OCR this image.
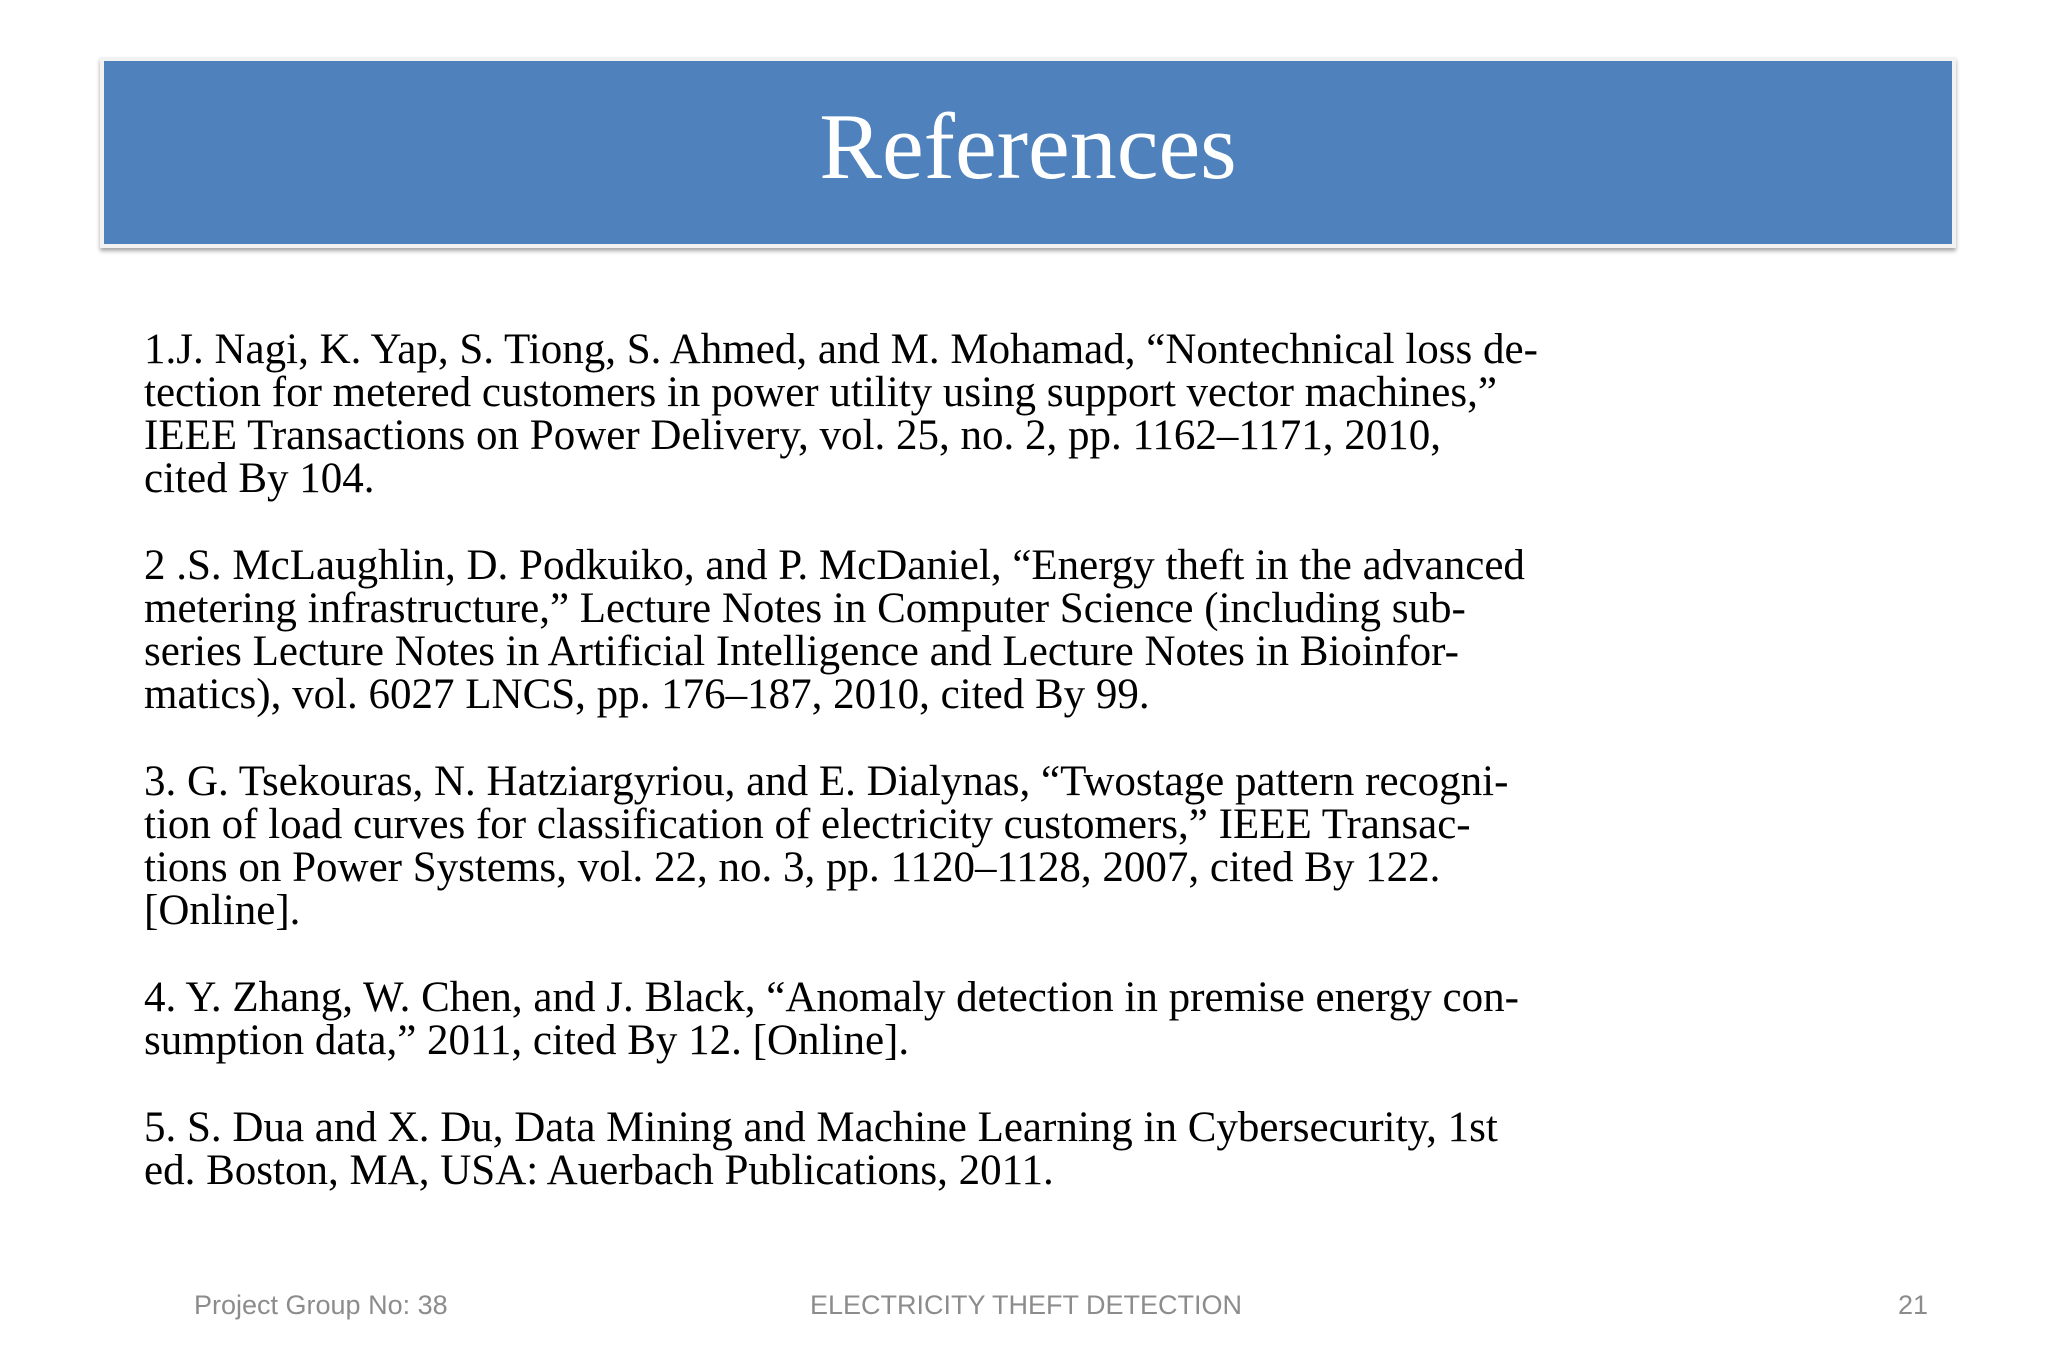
References
1.J. Nagi, K. Yap, S. Tiong, S. Ahmed, and M. Mohamad, “Nontechnical loss de-
tection for metered customers in power utility using support vector machines,”
IEEE Transactions on Power Delivery, vol. 25, no. 2, pp. 1162–1171, 2010,
cited By 104.
2 .S. McLaughlin, D. Podkuiko, and P. McDaniel, “Energy theft in the advanced
metering infrastructure,” Lecture Notes in Computer Science (including sub-
series Lecture Notes in Artificial Intelligence and Lecture Notes in Bioinfor-
matics), vol. 6027 LNCS, pp. 176–187, 2010, cited By 99.
3. G. Tsekouras, N. Hatziargyriou, and E. Dialynas, “Twostage pattern recogni-
tion of load curves for classification of electricity customers,” IEEE Transac-
tions on Power Systems, vol. 22, no. 3, pp. 1120–1128, 2007, cited By 122.
[Online].
4. Y. Zhang, W. Chen, and J. Black, “Anomaly detection in premise energy con-
sumption data,” 2011, cited By 12. [Online].
5. S. Dua and X. Du, Data Mining and Machine Learning in Cybersecurity, 1st
ed. Boston, MA, USA: Auerbach Publications, 2011.
Project Group No: 38	ELECTRICITY THEFT DETECTION	21
